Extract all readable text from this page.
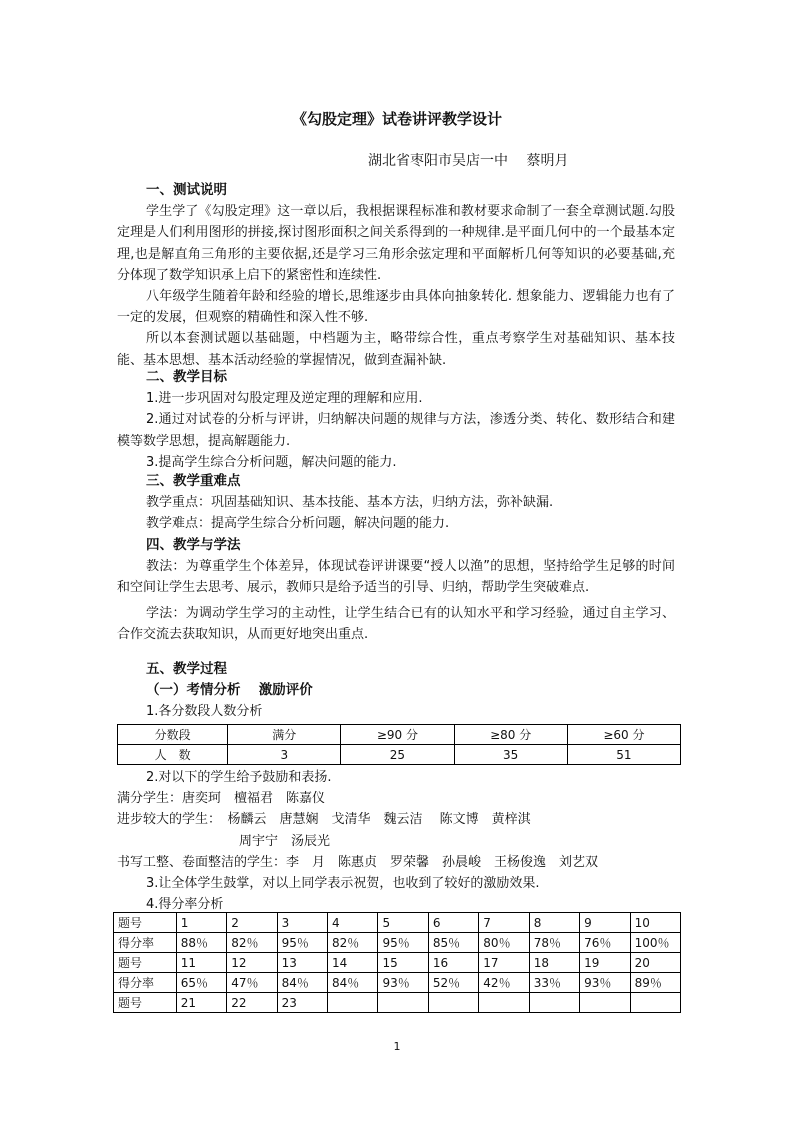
《勾股定理》试卷讲评教学设计
湖北省枣阳市吴店一中　 蔡明月
一、测试说明
学生学了《勾股定理》这一章以后，我根据课程标准和教材要求命制了一套全章测试题.勾股定理是人们利用图形的拼接,探讨图形面积之间关系得到的一种规律.是平面几何中的一个最基本定理,也是解直角三角形的主要依据,还是学习三角形余弦定理和平面解析几何等知识的必要基础,充分体现了数学知识承上启下的紧密性和连续性.
八年级学生随着年龄和经验的增长,思维逐步由具体向抽象转化. 想象能力、逻辑能力也有了一定的发展，但观察的精确性和深入性不够.
所以本套测试题以基础题，中档题为主，略带综合性，重点考察学生对基础知识、基本技能、基本思想、基本活动经验的掌握情况，做到查漏补缺.
二、教学目标
1.进一步巩固对勾股定理及逆定理的理解和应用.
2.通过对试卷的分析与评讲，归纳解决问题的规律与方法，渗透分类、转化、数形结合和建模等数学思想，提高解题能力.
3.提高学生综合分析问题，解决问题的能力.
三、教学重难点
教学重点：巩固基础知识、基本技能、基本方法，归纳方法，弥补缺漏.
教学难点：提高学生综合分析问题，解决问题的能力.
四、教学与学法
教法：为尊重学生个体差异，体现试卷评讲课要“授人以渔”的思想，坚持给学生足够的时间和空间让学生去思考、展示，教师只是给予适当的引导、归纳，帮助学生突破难点.
学法：为调动学生学习的主动性，让学生结合已有的认知水平和学习经验，通过自主学习、合作交流去获取知识，从而更好地突出重点.
五、教学过程
（一）考情分析　 激励评价
1.各分数段人数分析
分数段	满分	≥90 分	≥80 分	≥60 分
人　数	3	25	35	51
2.对以下的学生给予鼓励和表扬.
满分学生：唐奕珂　檀福君　陈嘉仪
进步较大的学生：　杨麟云　唐慧娴　戈清华　魏云洁　 陈文博　黄梓淇
周宇宁　汤辰光
书写工整、卷面整洁的学生：李　月　陈惠贞　罗荣馨　孙晨峻　王杨俊逸　刘艺双
3.让全体学生鼓掌，对以上同学表示祝贺，也收到了较好的激励效果.
4.得分率分析
题号	1	2	3	4	5	6	7	8	9	10
得分率	88％	82％	95％	82％	95％	85％	80％	78％	76％	100％
题号	11	12	13	14	15	16	17	18	19	20
得分率	65％	47％	84％	84％	93％	52％	42％	33％	93％	89％
题号	21	22	23							
1
